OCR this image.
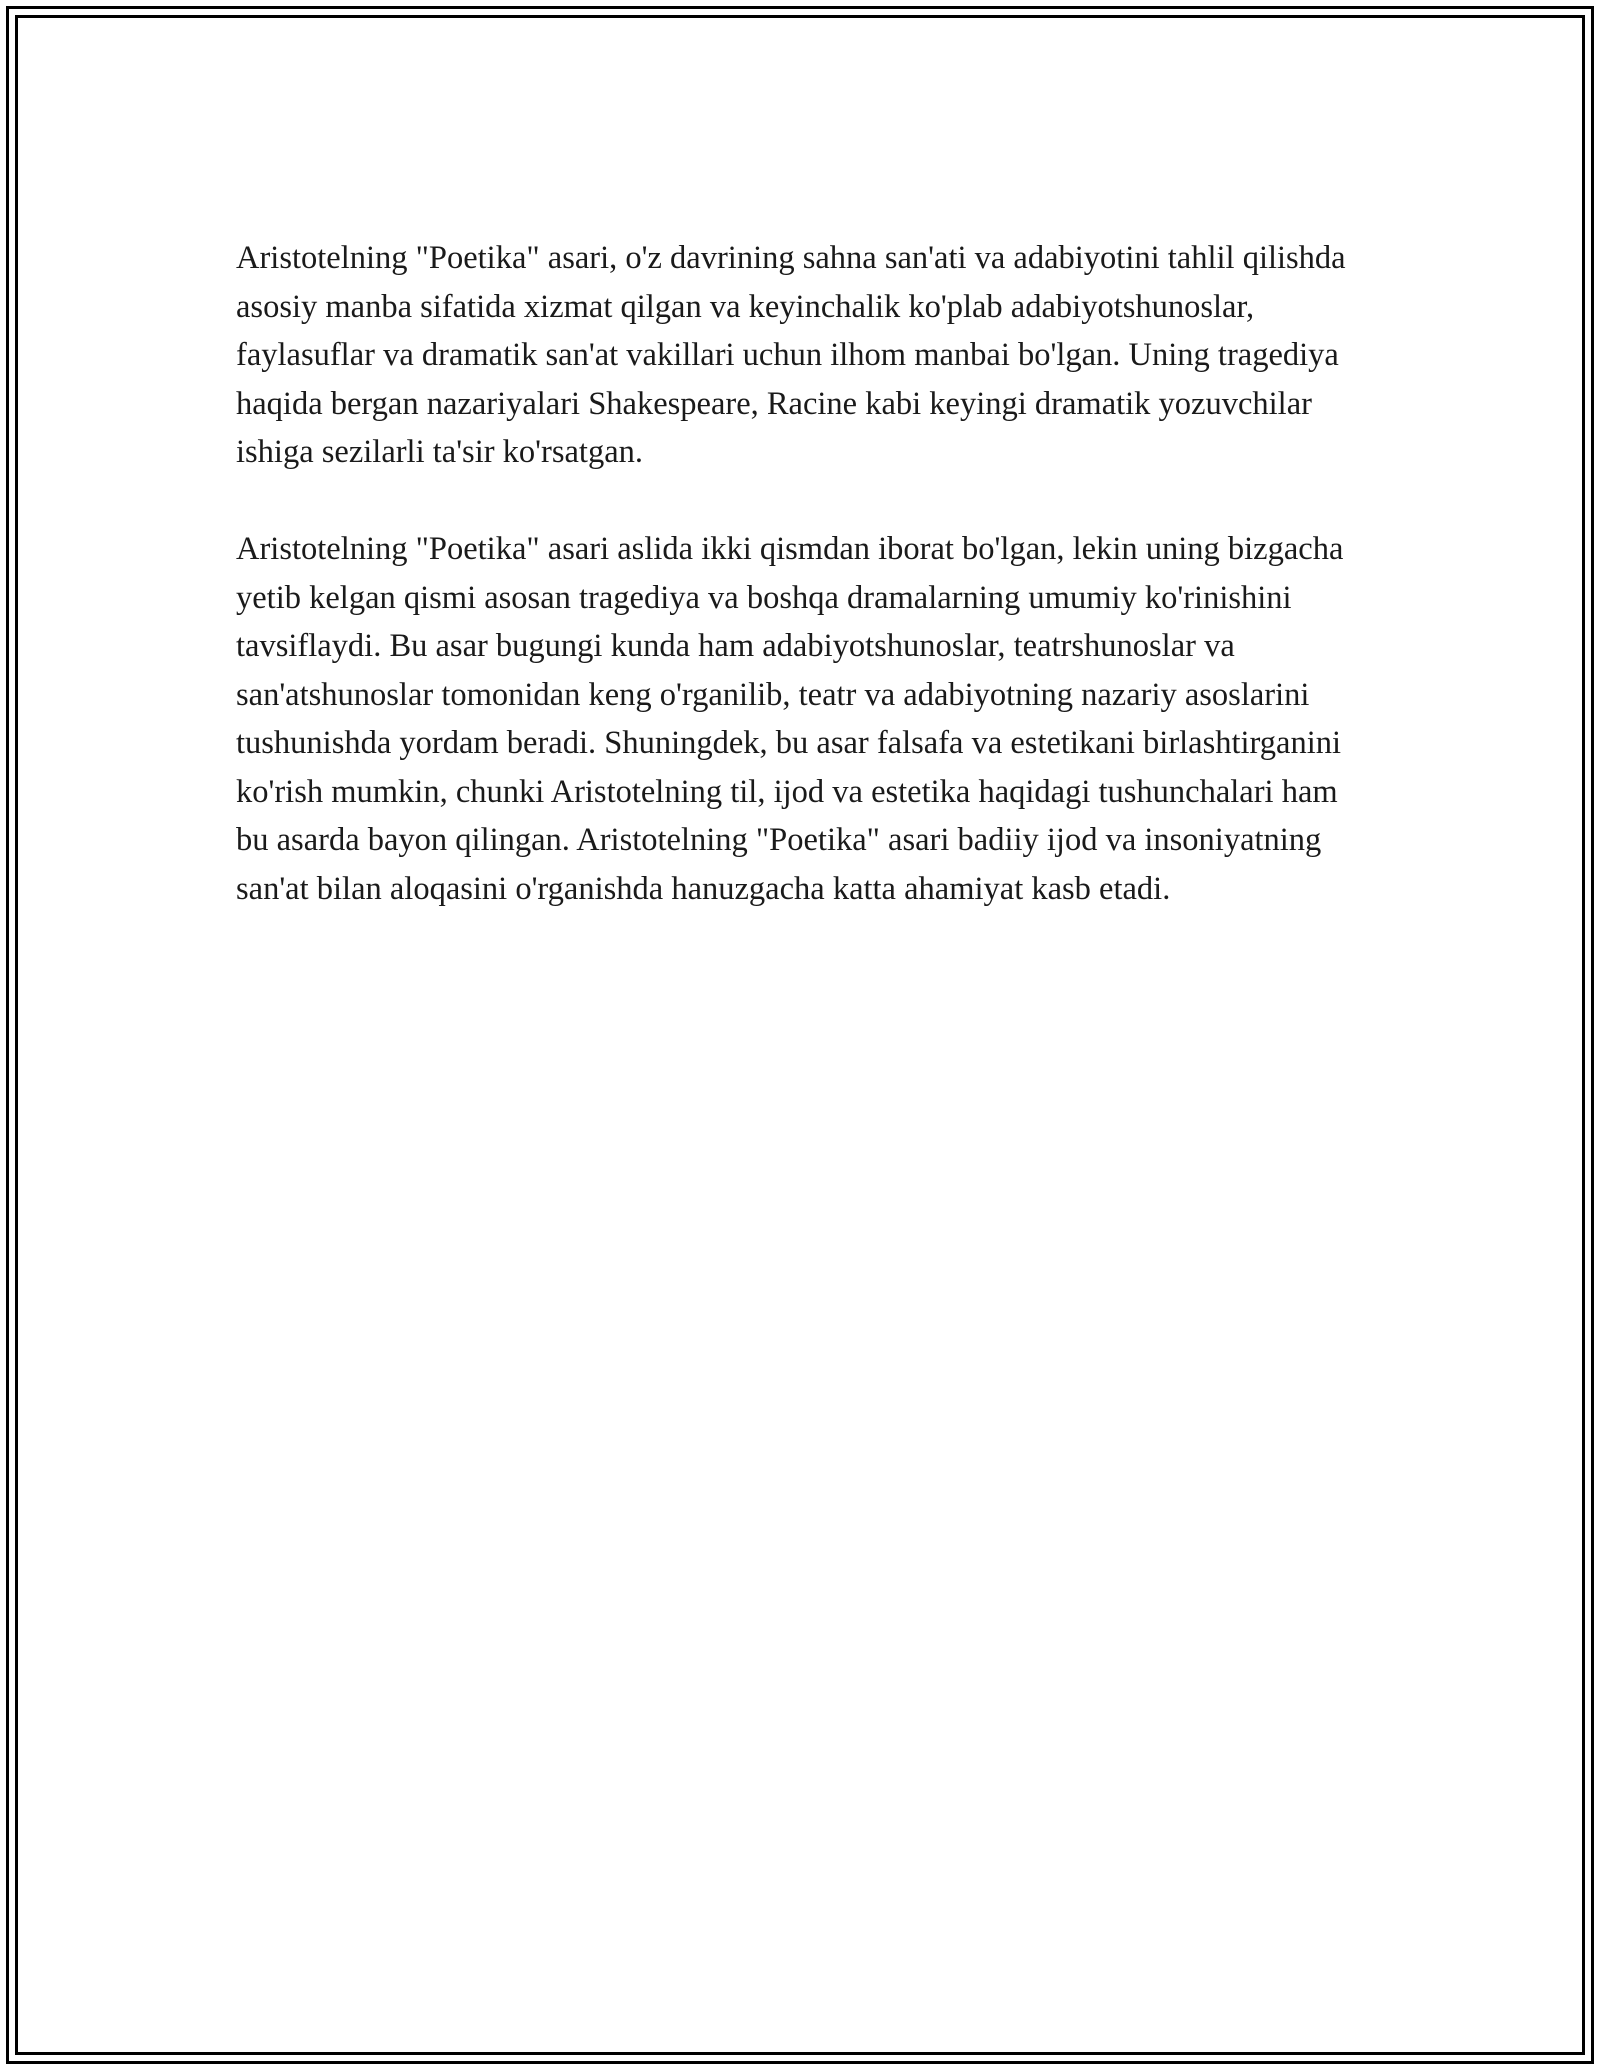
Aristotelning "Poetika" asari, o'z davrining sahna san'ati va adabiyotini tahlil qilishda asosiy manba sifatida xizmat qilgan va keyinchalik ko'plab adabiyotshunoslar, faylasuflar va dramatik san'at vakillari uchun ilhom manbai bo'lgan. Uning tragediya haqida bergan nazariyalari Shakespeare, Racine kabi keyingi dramatik yozuvchilar ishiga sezilarli ta'sir ko'rsatgan.

Aristotelning "Poetika" asari aslida ikki qismdan iborat bo'lgan, lekin uning bizgacha yetib kelgan qismi asosan tragediya va boshqa dramalarning umumiy ko'rinishini tavsiflaydi. Bu asar bugungi kunda ham adabiyotshunoslar, teatrshunoslar va san'atshunoslar tomonidan keng o'rganilib, teatr va adabiyotning nazariy asoslarini tushunishda yordam beradi. Shuningdek, bu asar falsafa va estetikani birlashtirganini ko'rish mumkin, chunki Aristotelning til, ijod va estetika haqidagi tushunchalari ham bu asarda bayon qilingan. Aristotelning "Poetika" asari badiiy ijod va insoniyatning san'at bilan aloqasini o'rganishda hanuzgacha katta ahamiyat kasb etadi.
